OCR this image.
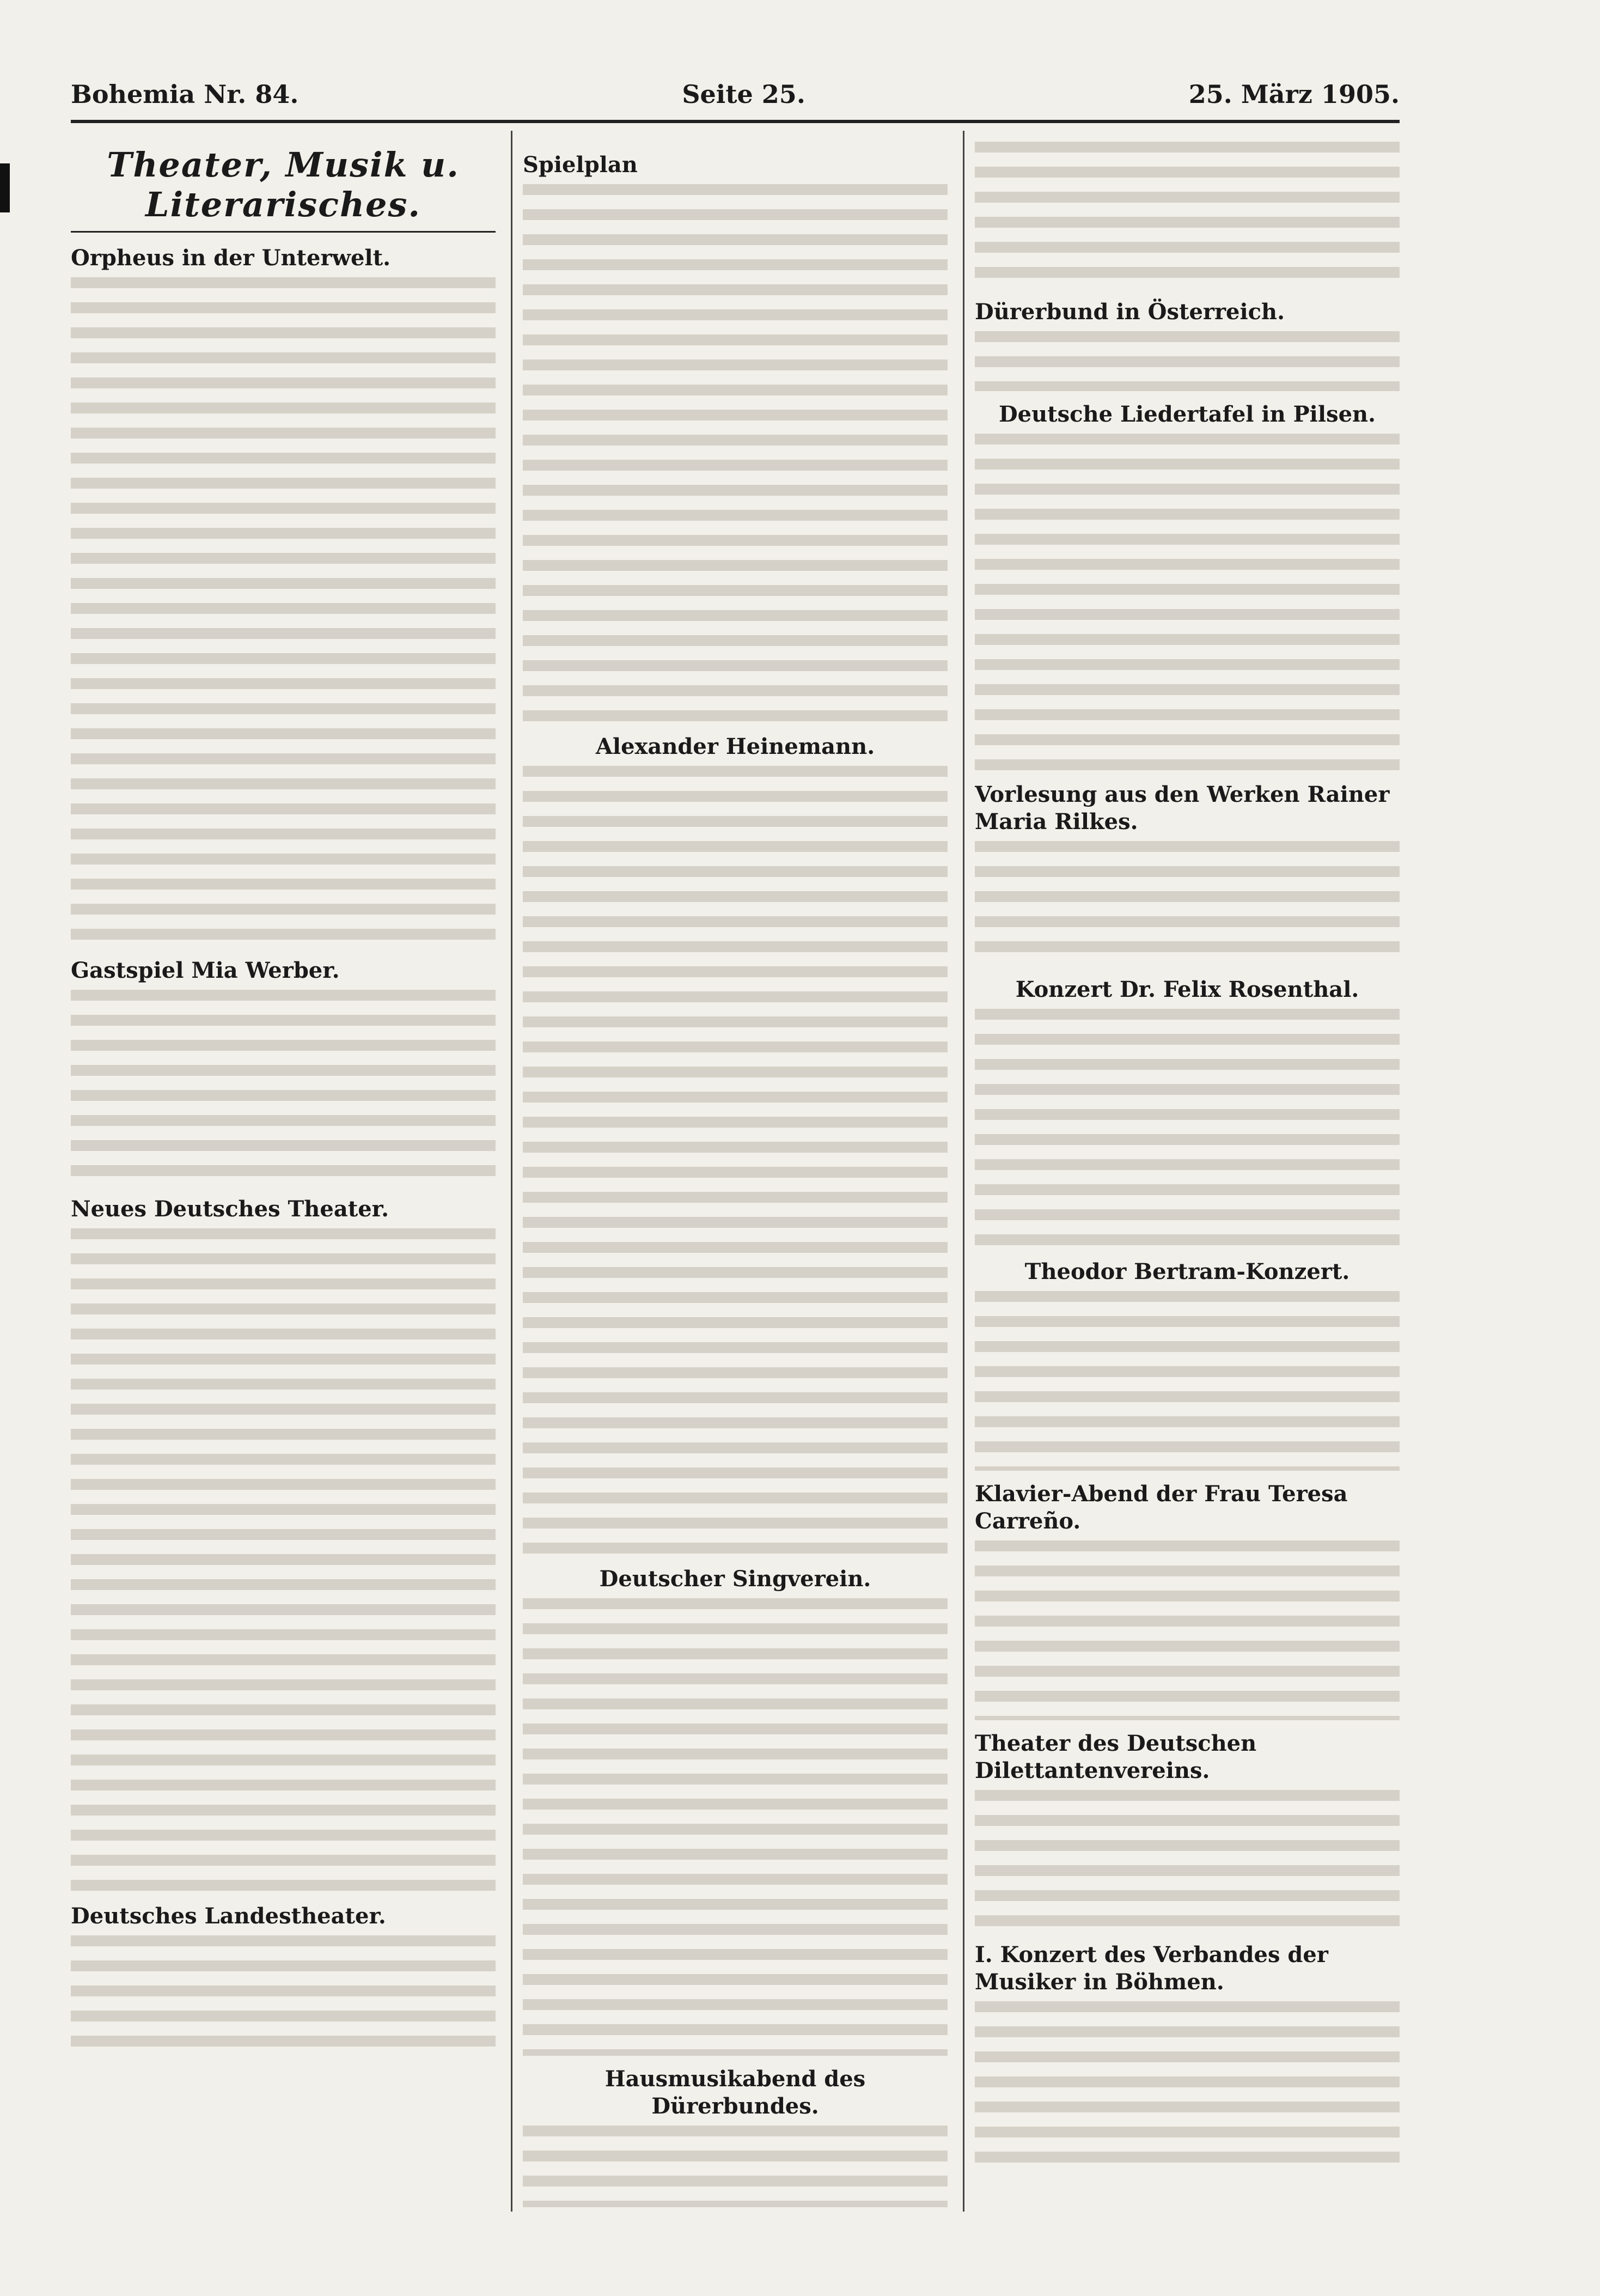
Bohemia Nr. 84.	Seite 25.	25. März 1905.
Theater, Musik u. Literarisches.
Orpheus in der Unterwelt.
Gastspiel Mia Werber.
Neues Deutsches Theater.
Deutsches Landestheater.
Spielplan
Alexander Heinemann.
Deutscher Singverein.
Hausmusikabend des Dürerbundes.
Dürerbund in Österreich.
Deutsche Liedertafel in Pilsen.
Vorlesung aus den Werken Rainer Maria Rilkes.
Konzert Dr. Felix Rosenthal.
Theodor Bertram-Konzert.
Klavier-Abend der Frau Teresa Carreño.
Theater des Deutschen Dilettantenvereins.
I. Konzert des Verbandes der Musiker in Böhmen.
